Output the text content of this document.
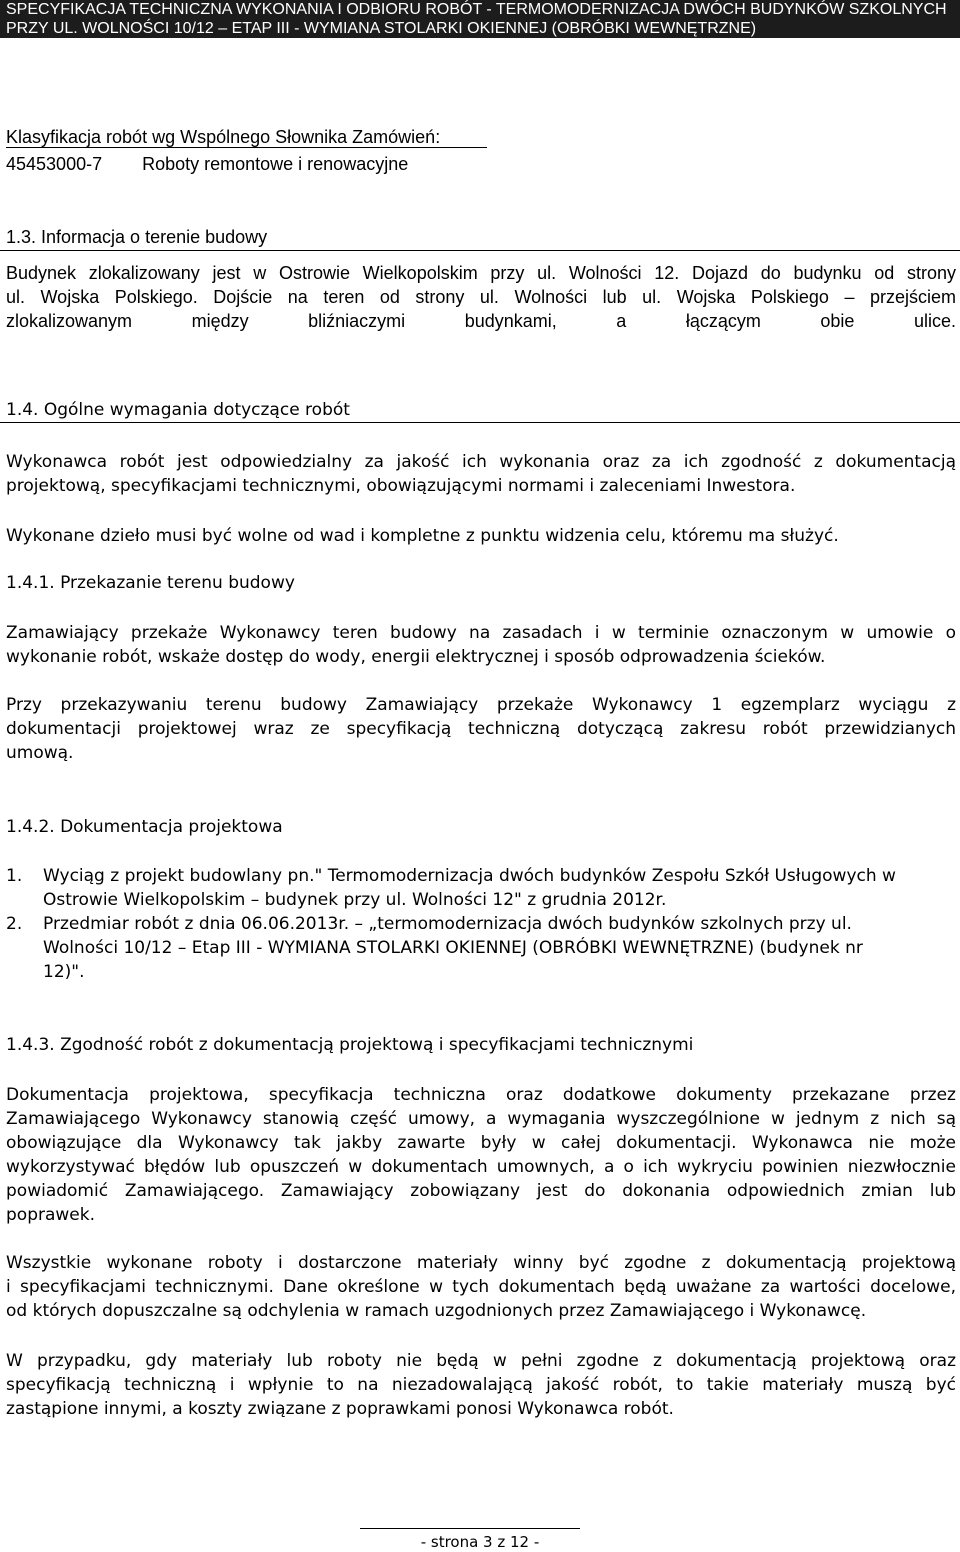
SPECYFIKACJA TECHNICZNA WYKONANIA I ODBIORU ROBÓT - TERMOMODERNIZACJA DWÓCH BUDYNKÓW SZKOLNYCH
PRZY UL. WOLNOŚCI 10/12 – ETAP III - WYMIANA STOLARKI OKIENNEJ (OBRÓBKI WEWNĘTRZNE)
Klasyfikacja robót wg Wspólnego Słownika Zamówień:
45453000-7 Roboty remontowe i renowacyjne
1.3. Informacja o terenie budowy
Budynek zlokalizowany jest w Ostrowie Wielkopolskim przy ul. Wolności 12. Dojazd do budynku od strony
ul. Wojska Polskiego. Dojście na teren od strony ul. Wolności lub ul. Wojska Polskiego – przejściem
zlokalizowanym między bliźniaczymi budynkami, a łączącym obie ulice.
1.4. Ogólne wymagania dotyczące robót
Wykonawca robót jest odpowiedzialny za jakość ich wykonania oraz za ich zgodność z dokumentacją
projektową, specyfikacjami technicznymi, obowiązującymi normami i zaleceniami Inwestora.
Wykonane dzieło musi być wolne od wad i kompletne z punktu widzenia celu, któremu ma służyć.
1.4.1. Przekazanie terenu budowy
Zamawiający przekaże Wykonawcy teren budowy na zasadach i w terminie oznaczonym w umowie o
wykonanie robót, wskaże dostęp do wody, energii elektrycznej i sposób odprowadzenia ścieków.
Przy przekazywaniu terenu budowy Zamawiający przekaże Wykonawcy 1 egzemplarz wyciągu z
dokumentacji projektowej wraz ze specyfikacją techniczną dotyczącą zakresu robót przewidzianych
umową.
1.4.2. Dokumentacja projektowa
1. Wyciąg z projekt budowlany pn." Termomodernizacja dwóch budynków Zespołu Szkół Usługowych w
Ostrowie Wielkopolskim – budynek przy ul. Wolności 12" z grudnia 2012r.
2. Przedmiar robót z dnia 06.06.2013r. – „termomodernizacja dwóch budynków szkolnych przy ul.
Wolności 10/12 – Etap III - WYMIANA STOLARKI OKIENNEJ (OBRÓBKI WEWNĘTRZNE) (budynek nr
12)".
1.4.3. Zgodność robót z dokumentacją projektową i specyfikacjami technicznymi
Dokumentacja projektowa, specyfikacja techniczna oraz dodatkowe dokumenty przekazane przez
Zamawiającego Wykonawcy stanowią część umowy, a wymagania wyszczególnione w jednym z nich są
obowiązujące dla Wykonawcy tak jakby zawarte były w całej dokumentacji. Wykonawca nie może
wykorzystywać błędów lub opuszczeń w dokumentach umownych, a o ich wykryciu powinien niezwłocznie
powiadomić Zamawiającego. Zamawiający zobowiązany jest do dokonania odpowiednich zmian lub
poprawek.
Wszystkie wykonane roboty i dostarczone materiały winny być zgodne z dokumentacją projektową
i specyfikacjami technicznymi. Dane określone w tych dokumentach będą uważane za wartości docelowe,
od których dopuszczalne są odchylenia w ramach uzgodnionych przez Zamawiającego i Wykonawcę.
W przypadku, gdy materiały lub roboty nie będą w pełni zgodne z dokumentacją projektową oraz
specyfikacją techniczną i wpłynie to na niezadowalającą jakość robót, to takie materiały muszą być
zastąpione innymi, a koszty związane z poprawkami ponosi Wykonawca robót.
- strona 3 z 12 -
